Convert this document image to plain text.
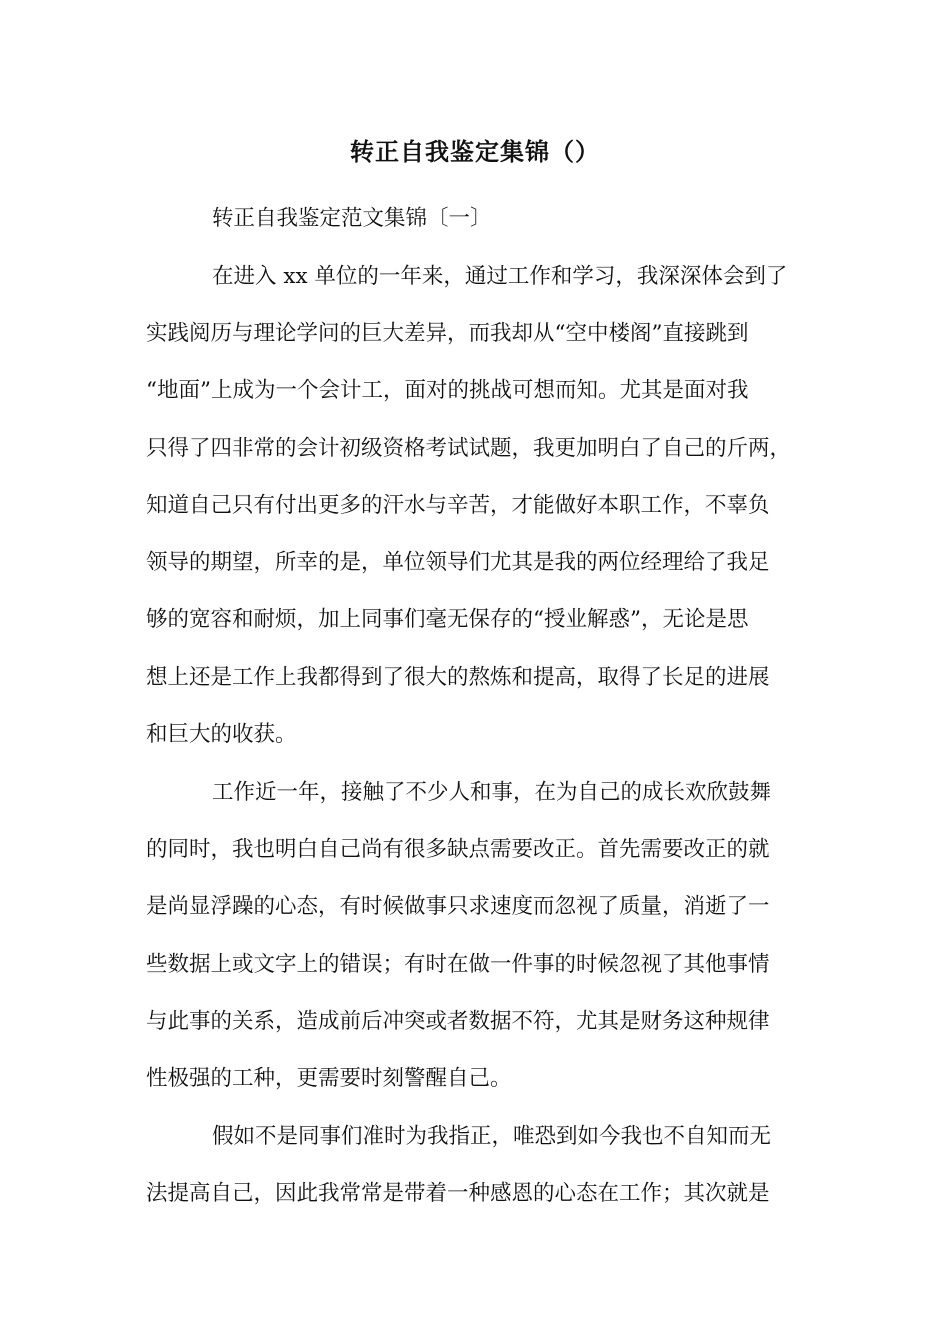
转正自我鉴定集锦（）
转正自我鉴定范文集锦〔一〕
在进入 xx 单位的一年来，通过工作和学习，我深深体会到了
实践阅历与理论学问的巨大差异，而我却从“空中楼阁”直接跳到
“地面”上成为一个会计工，面对的挑战可想而知。尤其是面对我
只得了四非常的会计初级资格考试试题，我更加明白了自己的斤两，
知道自己只有付出更多的汗水与辛苦，才能做好本职工作，不辜负
领导的期望，所幸的是，单位领导们尤其是我的两位经理给了我足
够的宽容和耐烦，加上同事们毫无保存的“授业解惑”，无论是思
想上还是工作上我都得到了很大的熬炼和提高，取得了长足的进展
和巨大的收获。
工作近一年，接触了不少人和事，在为自己的成长欢欣鼓舞
的同时，我也明白自己尚有很多缺点需要改正。首先需要改正的就
是尚显浮躁的心态，有时候做事只求速度而忽视了质量，消逝了一
些数据上或文字上的错误；有时在做一件事的时候忽视了其他事情
与此事的关系，造成前后冲突或者数据不符，尤其是财务这种规律
性极强的工种，更需要时刻警醒自己。
假如不是同事们准时为我指正，唯恐到如今我也不自知而无
法提高自己，因此我常常是带着一种感恩的心态在工作；其次就是
